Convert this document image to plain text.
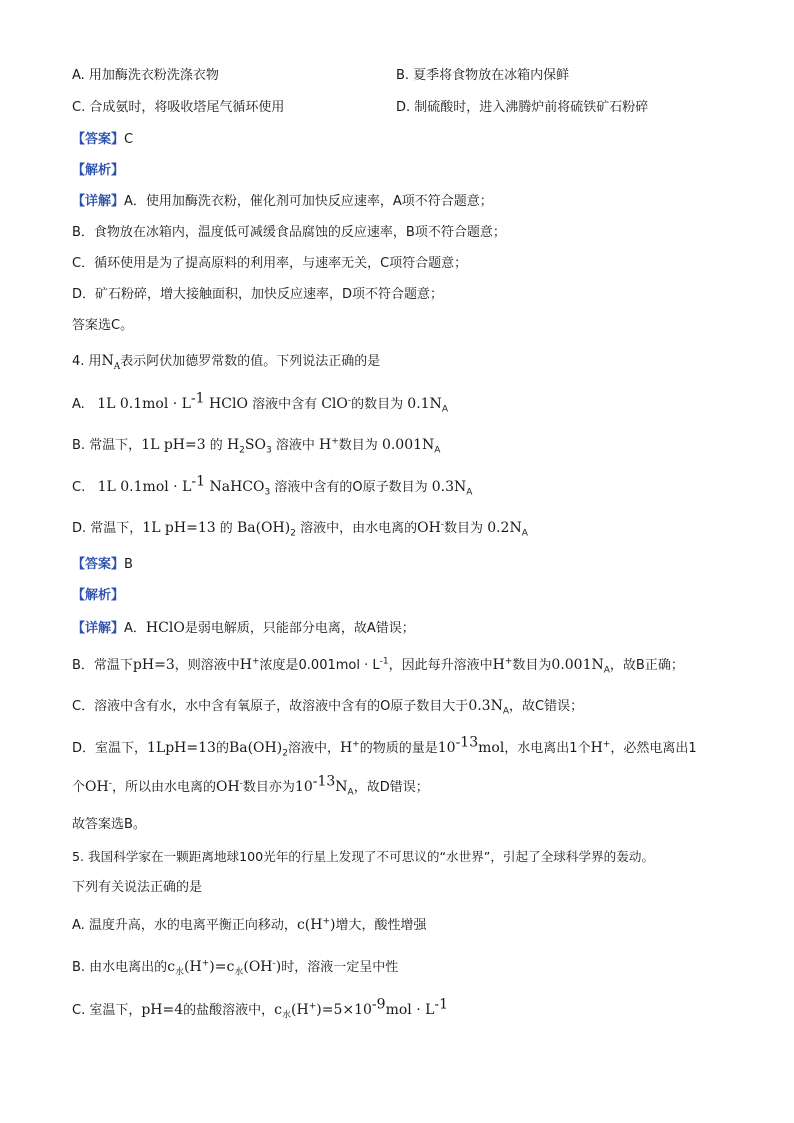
A. 用加酶洗衣粉洗涤衣物	B. 夏季将食物放在冰箱内保鲜
C. 合成氨时，将吸收塔尾气循环使用	D. 制硫酸时，进入沸腾炉前将硫铁矿石粉碎
【答案】C
【解析】
【详解】A．使用加酶洗衣粉，催化剂可加快反应速率，A项不符合题意；
B．食物放在冰箱内，温度低可减缓食品腐蚀的反应速率，B项不符合题意；
C．循环使用是为了提高原料的利用率，与速率无关，C项符合题意；
D．矿石粉碎，增大接触面积，加快反应速率，D项不符合题意；
答案选C。
4. 用$N_A$表示阿伏加德罗常数的值。下列说法正确的是
A. 1L $0.1mol \cdot L^{-1}$ HClO 溶液中含有 ClO-的数目为 $0.1N_A$
B. 常温下，1L pH=3 的 $H_2SO_3$ 溶液中 H+数目为 $0.001N_A$
C. 1L $0.1mol \cdot L^{-1}$ NaHCO$_3$ 溶液中含有的O原子数目为 $0.3N_A$
D. 常温下，1L pH=13 的 $Ba(OH)_2$ 溶液中，由水电离的OH-数目为 $0.2N_A$
【答案】B
【解析】
【详解】A．HClO是弱电解质，只能部分电离，故A错误；
B．常温下pH=3，则溶液中H+浓度是$0.001mol \cdot L^{-1}$，因此每升溶液中H+数目为$0.001N_A$，故B正确；
C．溶液中含有水，水中含有氧原子，故溶液中含有的O原子数目大于$0.3N_A$，故C错误；
D．室温下，1LpH=13的$Ba(OH)_2$溶液中，H+的物质的量是$10^{-13}mol$，水电离出1个H+，必然电离出1
个OH-，所以由水电离的OH-数目亦为$10^{-13}N_A$，故D错误；
故答案选B。
5. 我国科学家在一颗距离地球100光年的行星上发现了不可思议的“水世界”，引起了全球科学界的轰动。
下列有关说法正确的是
A. 温度升高，水的电离平衡正向移动，c(H+)增大，酸性增强
B. 由水电离出的$c_水(H^+)=c_水(OH^-)$时，溶液一定呈中性
C. 室温下，pH=4的盐酸溶液中，$c_水(H^+)=5\times 10^{-9}mol \cdot L^{-1}$
